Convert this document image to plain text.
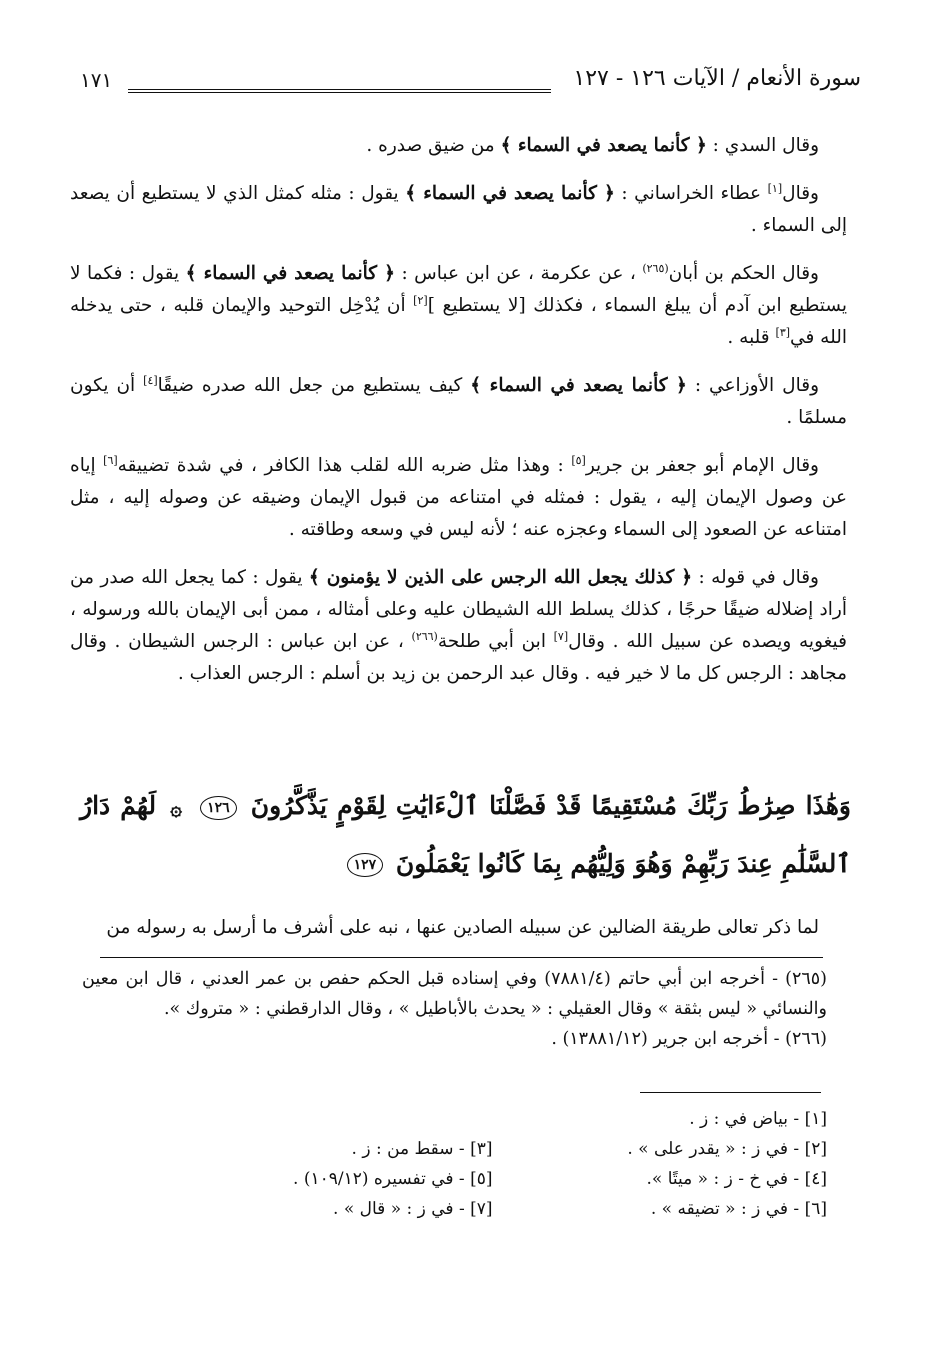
١٧١	سورة الأنعام / الآيات ١٢٦ - ١٢٧

وقال السدي : ﴿ كأنما يصعد في السماء ﴾ من ضيق صدره .

وقال[١] عطاء الخراساني : ﴿ كأنما يصعد في السماء ﴾ يقول : مثله كمثل الذي لا يستطيع أن يصعد إلى السماء .

وقال الحكم بن أبان$^{(٢٦٥)}$ ، عن عكرمة ، عن ابن عباس : ﴿ كأنما يصعد في السماء ﴾ يقول : فكما لا يستطيع ابن آدم أن يبلغ السماء ، فكذلك [لا يستطيع ][٢] أن يُدْخِل التوحيد والإيمان قلبه ، حتى يدخله الله في[٣] قلبه .

وقال الأوزاعي : ﴿ كأنما يصعد في السماء ﴾ كيف يستطيع من جعل الله صدره ضيقًا[٤] أن يكون مسلمًا .

وقال الإمام أبو جعفر بن جرير[٥] : وهذا مثل ضربه الله لقلب هذا الكافر ، في شدة تضييقه[٦] إياه عن وصول الإيمان إليه ، يقول : فمثله في امتناعه من قبول الإيمان وضيقه عن وصوله إليه ، مثل امتناعه عن الصعود إلى السماء وعجزه عنه ؛ لأنه ليس في وسعه وطاقته .

وقال في قوله : ﴿ كذلك يجعل الله الرجس على الذين لا يؤمنون ﴾ يقول : كما يجعل الله صدر من أراد إضلاله ضيقًا حرجًا ، كذلك يسلط الله الشيطان عليه وعلى أمثاله ، ممن أبى الإيمان بالله ورسوله ، فيغويه ويصده عن سبيل الله . وقال[٧] ابن أبي طلحة$^{(٢٦٦)}$ ، عن ابن عباس : الرجس الشيطان . وقال مجاهد : الرجس كل ما لا خير فيه . وقال عبد الرحمن بن زيد بن أسلم : الرجس العذاب .

وَهَٰذَا صِرَٰطُ رَبِّكَ مُسْتَقِيمًا قَدْ فَصَّلْنَا ٱلْءَايَٰتِ لِقَوْمٍ يَذَّكَّرُونَ ١٢٦ ۞ لَهُمْ دَارُ ٱلسَّلَٰمِ عِندَ رَبِّهِمْ وَهُوَ وَلِيُّهُم بِمَا كَانُوا يَعْمَلُونَ ١٢٧
لما ذكر تعالى طريقة الضالين عن سبيله الصادين عنها ، نبه على أشرف ما أرسل به رسوله من
(٢٦٥) - أخرجه ابن أبي حاتم (٧٨٨١/٤) وفي إسناده قبل الحكم حفص بن عمر العدني ، قال ابن معين والنسائي « ليس بثقة » وقال العقيلي : « يحدث بالأباطيل » ، وقال الدارقطني : « متروك ».
(٢٦٦) - أخرجه ابن جرير (١٣٨٨١/١٢) .
[١] - بياض في : ز .
[٢] - في ز : « يقدر على » .
[٣] - سقط من : ز .
[٤] - في خ - ز : « ميتًا ».
[٥] - في تفسيره (١٠٩/١٢) .
[٦] - في ز : « تضيقه » .
[٧] - في ز : « قال » .
